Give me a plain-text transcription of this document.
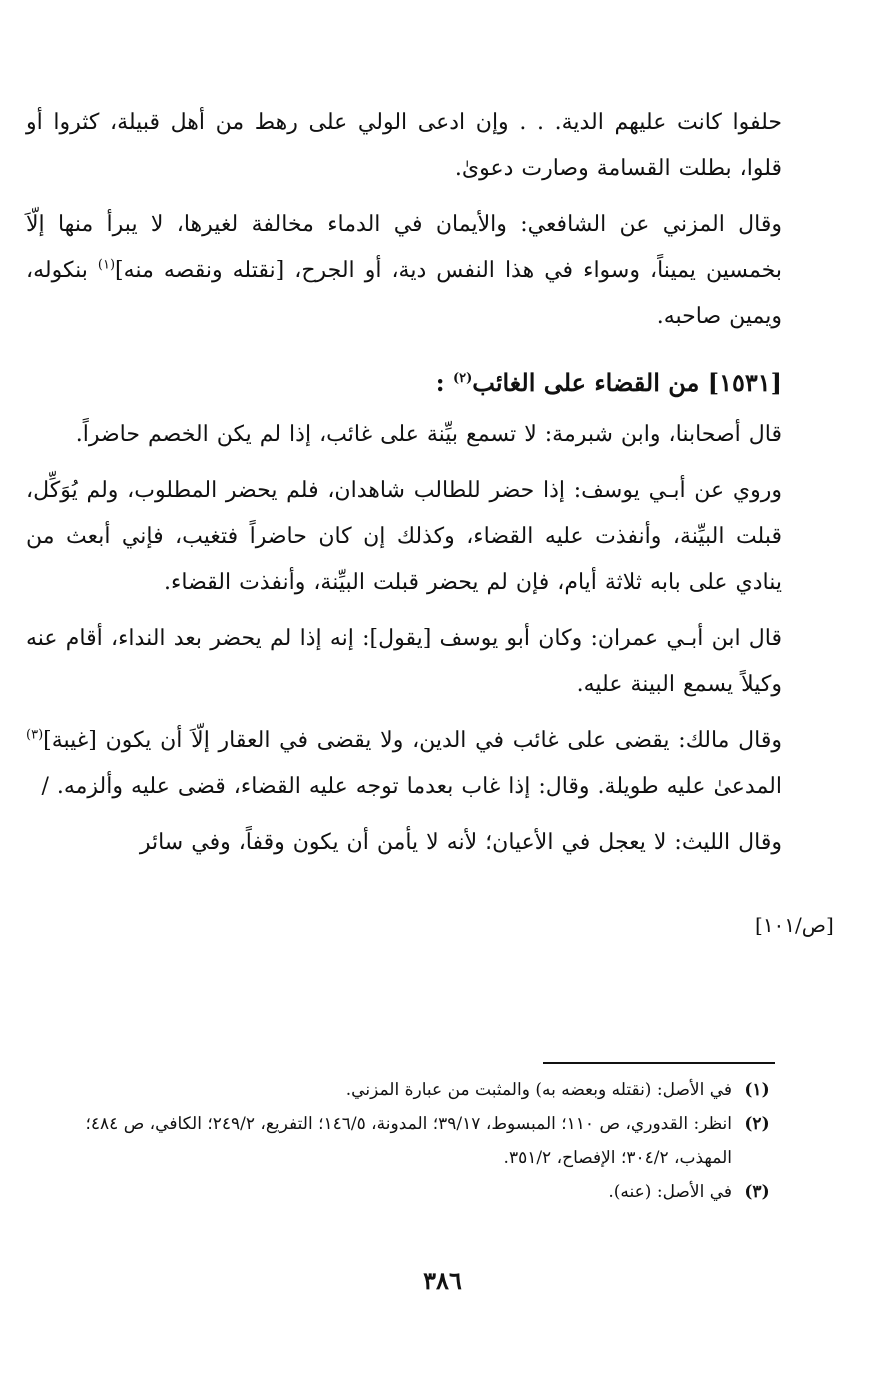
حلفوا كانت عليهم الدية. . . وإن ادعى الولي على رهط من أهل قبيلة، كثروا أو قلوا، بطلت القسامة وصارت دعوىٰ.

وقال المزني عن الشافعي: والأيمان في الدماء مخالفة لغيرها، لا يبرأ منها إلّاَ بخمسين يميناً، وسواء في هذا النفس دية، أو الجرح، [نقتله ونقصه منه]$^{(١)}$ بنكوله، ويمين صاحبه.

[١٥٣١] من القضاء على الغائب$^{(٢)}$ :

قال أصحابنا، وابن شبرمة: لا تسمع بيِّنة على غائب، إذا لم يكن الخصم حاضراً.

وروي عن أبـي يوسف: إذا حضر للطالب شاهدان، فلم يحضر المطلوب، ولم يُوَكِّل، قبلت البيِّنة، وأنفذت عليه القضاء، وكذلك إن كان حاضراً فتغيب، فإني أبعث من ينادي على بابه ثلاثة أيام، فإن لم يحضر قبلت البيِّنة، وأنفذت القضاء.

قال ابن أبـي عمران: وكان أبو يوسف [يقول]: إنه إذا لم يحضر بعد النداء، أقام عنه وكيلاً يسمع البينة عليه.

وقال مالك: يقضى على غائب في الدين، ولا يقضى في العقار إلّاَ أن يكون [غيبة]$^{(٣)}$ المدعىٰ عليه طويلة. وقال: إذا غاب بعدما توجه عليه القضاء، قضى عليه وألزمه. /

وقال الليث: لا يعجل في الأعيان؛ لأنه لا يأمن أن يكون وقفاً، وفي سائر

[ص/١٠١]
(١)
في الأصل: (نقتله وبعضه به) والمثبت من عبارة المزني.
(٢)
انظر: القدوري، ص ١١٠؛ المبسوط، ٣٩/١٧؛ المدونة، ١٤٦/٥؛ التفريع، ٢٤٩/٢؛ الكافي، ص ٤٨٤؛ المهذب، ٣٠٤/٢؛ الإفصاح، ٣٥١/٢.
(٣)
في الأصل: (عنه).
٣٨٦
